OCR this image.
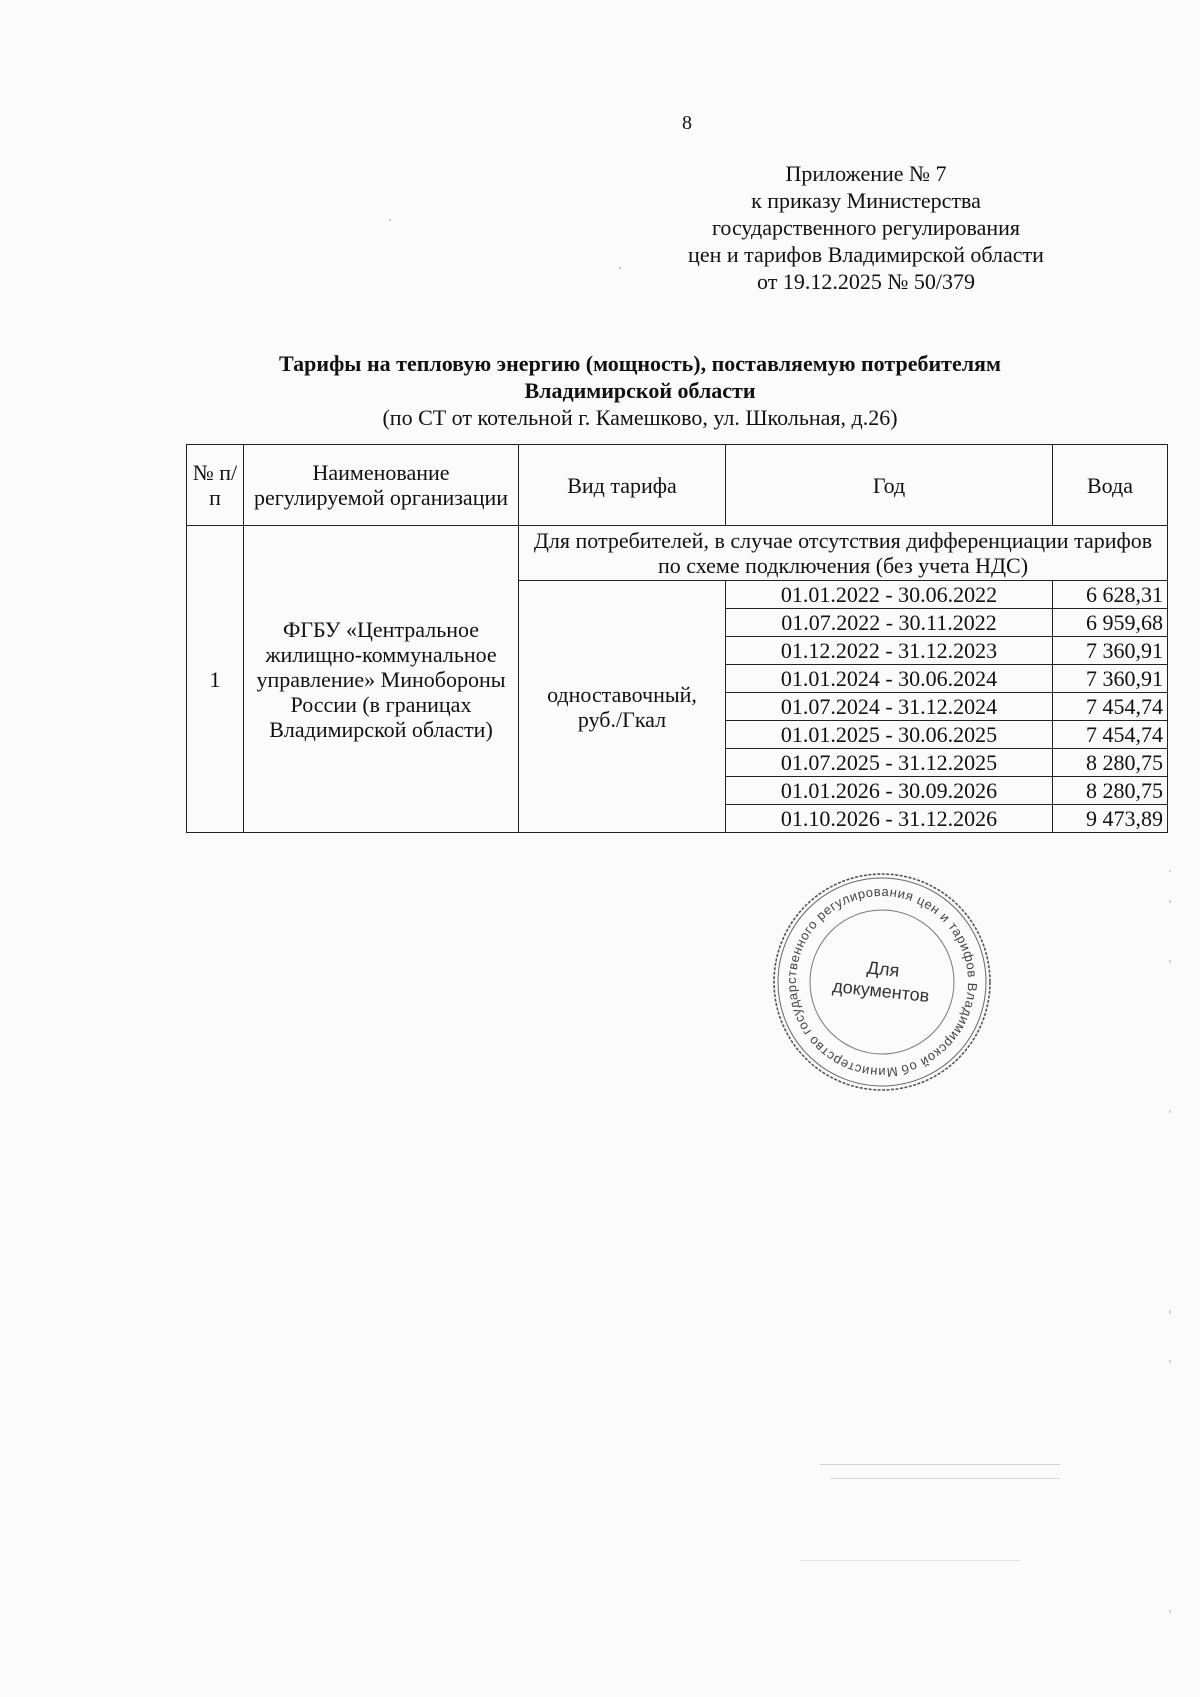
8
Приложение № 7
к приказу Министерства
государственного регулирования
цен и тарифов Владимирской области
от 19.12.2025 № 50/379
Тарифы на тепловую энергию (мощность), поставляемую потребителям
Владимирской области
(по СТ от котельной г. Камешково, ул. Школьная, д.26)
№ п/п	Наименование регулируемой организации	Вид тарифа	Год	Вода
1	ФГБУ «Центральное жилищно-коммунальное управление» Минобороны России (в границах Владимирской области)	Для потребителей, в случае отсутствия дифференциации тарифов по схеме подключения (без учета НДС)		
		одноставочный, руб./Гкал	01.01.2022 - 30.06.2022	6 628,31
			01.07.2022 - 30.11.2022	6 959,68
			01.12.2022 - 31.12.2023	7 360,91
			01.01.2024 - 30.06.2024	7 360,91
			01.07.2024 - 31.12.2024	7 454,74
			01.01.2025 - 30.06.2025	7 454,74
			01.07.2025 - 31.12.2025	8 280,75
			01.01.2026 - 30.09.2026	8 280,75
			01.10.2026 - 31.12.2026	9 473,89
Министерство государственного регулирования цен и тарифов Владимирской области
Для
документов
